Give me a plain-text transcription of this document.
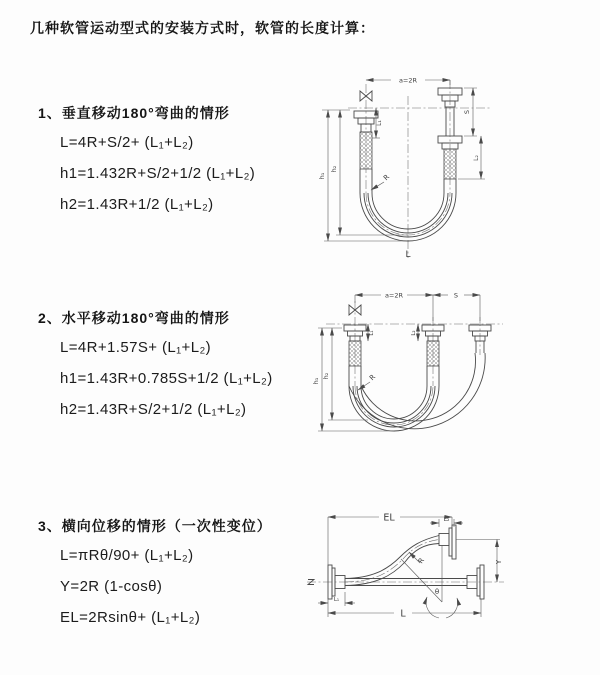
几种软管运动型式的安装方式时，软管的长度计算：
1、垂直移动180°弯曲的情形
L=4R+S/2+ (L₁+L₂)
h1=1.432R+S/2+1/2 (L₁+L₂)
h2=1.43R+1/2 (L₁+L₂)
a=2R
S
L₂
L₁
h₁
h₂
R
L
2、水平移动180°弯曲的情形
L=4R+1.57S+ (L₁+L₂)
h1=1.43R+0.785S+1/2 (L₁+L₂)
h2=1.43R+S/2+1/2 (L₁+L₂)
a=2R	S
L₁	L₂
h₁
h₂	R
3、横向位移的情形（一次性变位）
L=πRθ/90+ (L₁+L₂)
Y=2R (1-cosθ)
EL=2Rsinθ+ (L₁+L₂)
θ
R
EL	L₂
Y
L
L₁
